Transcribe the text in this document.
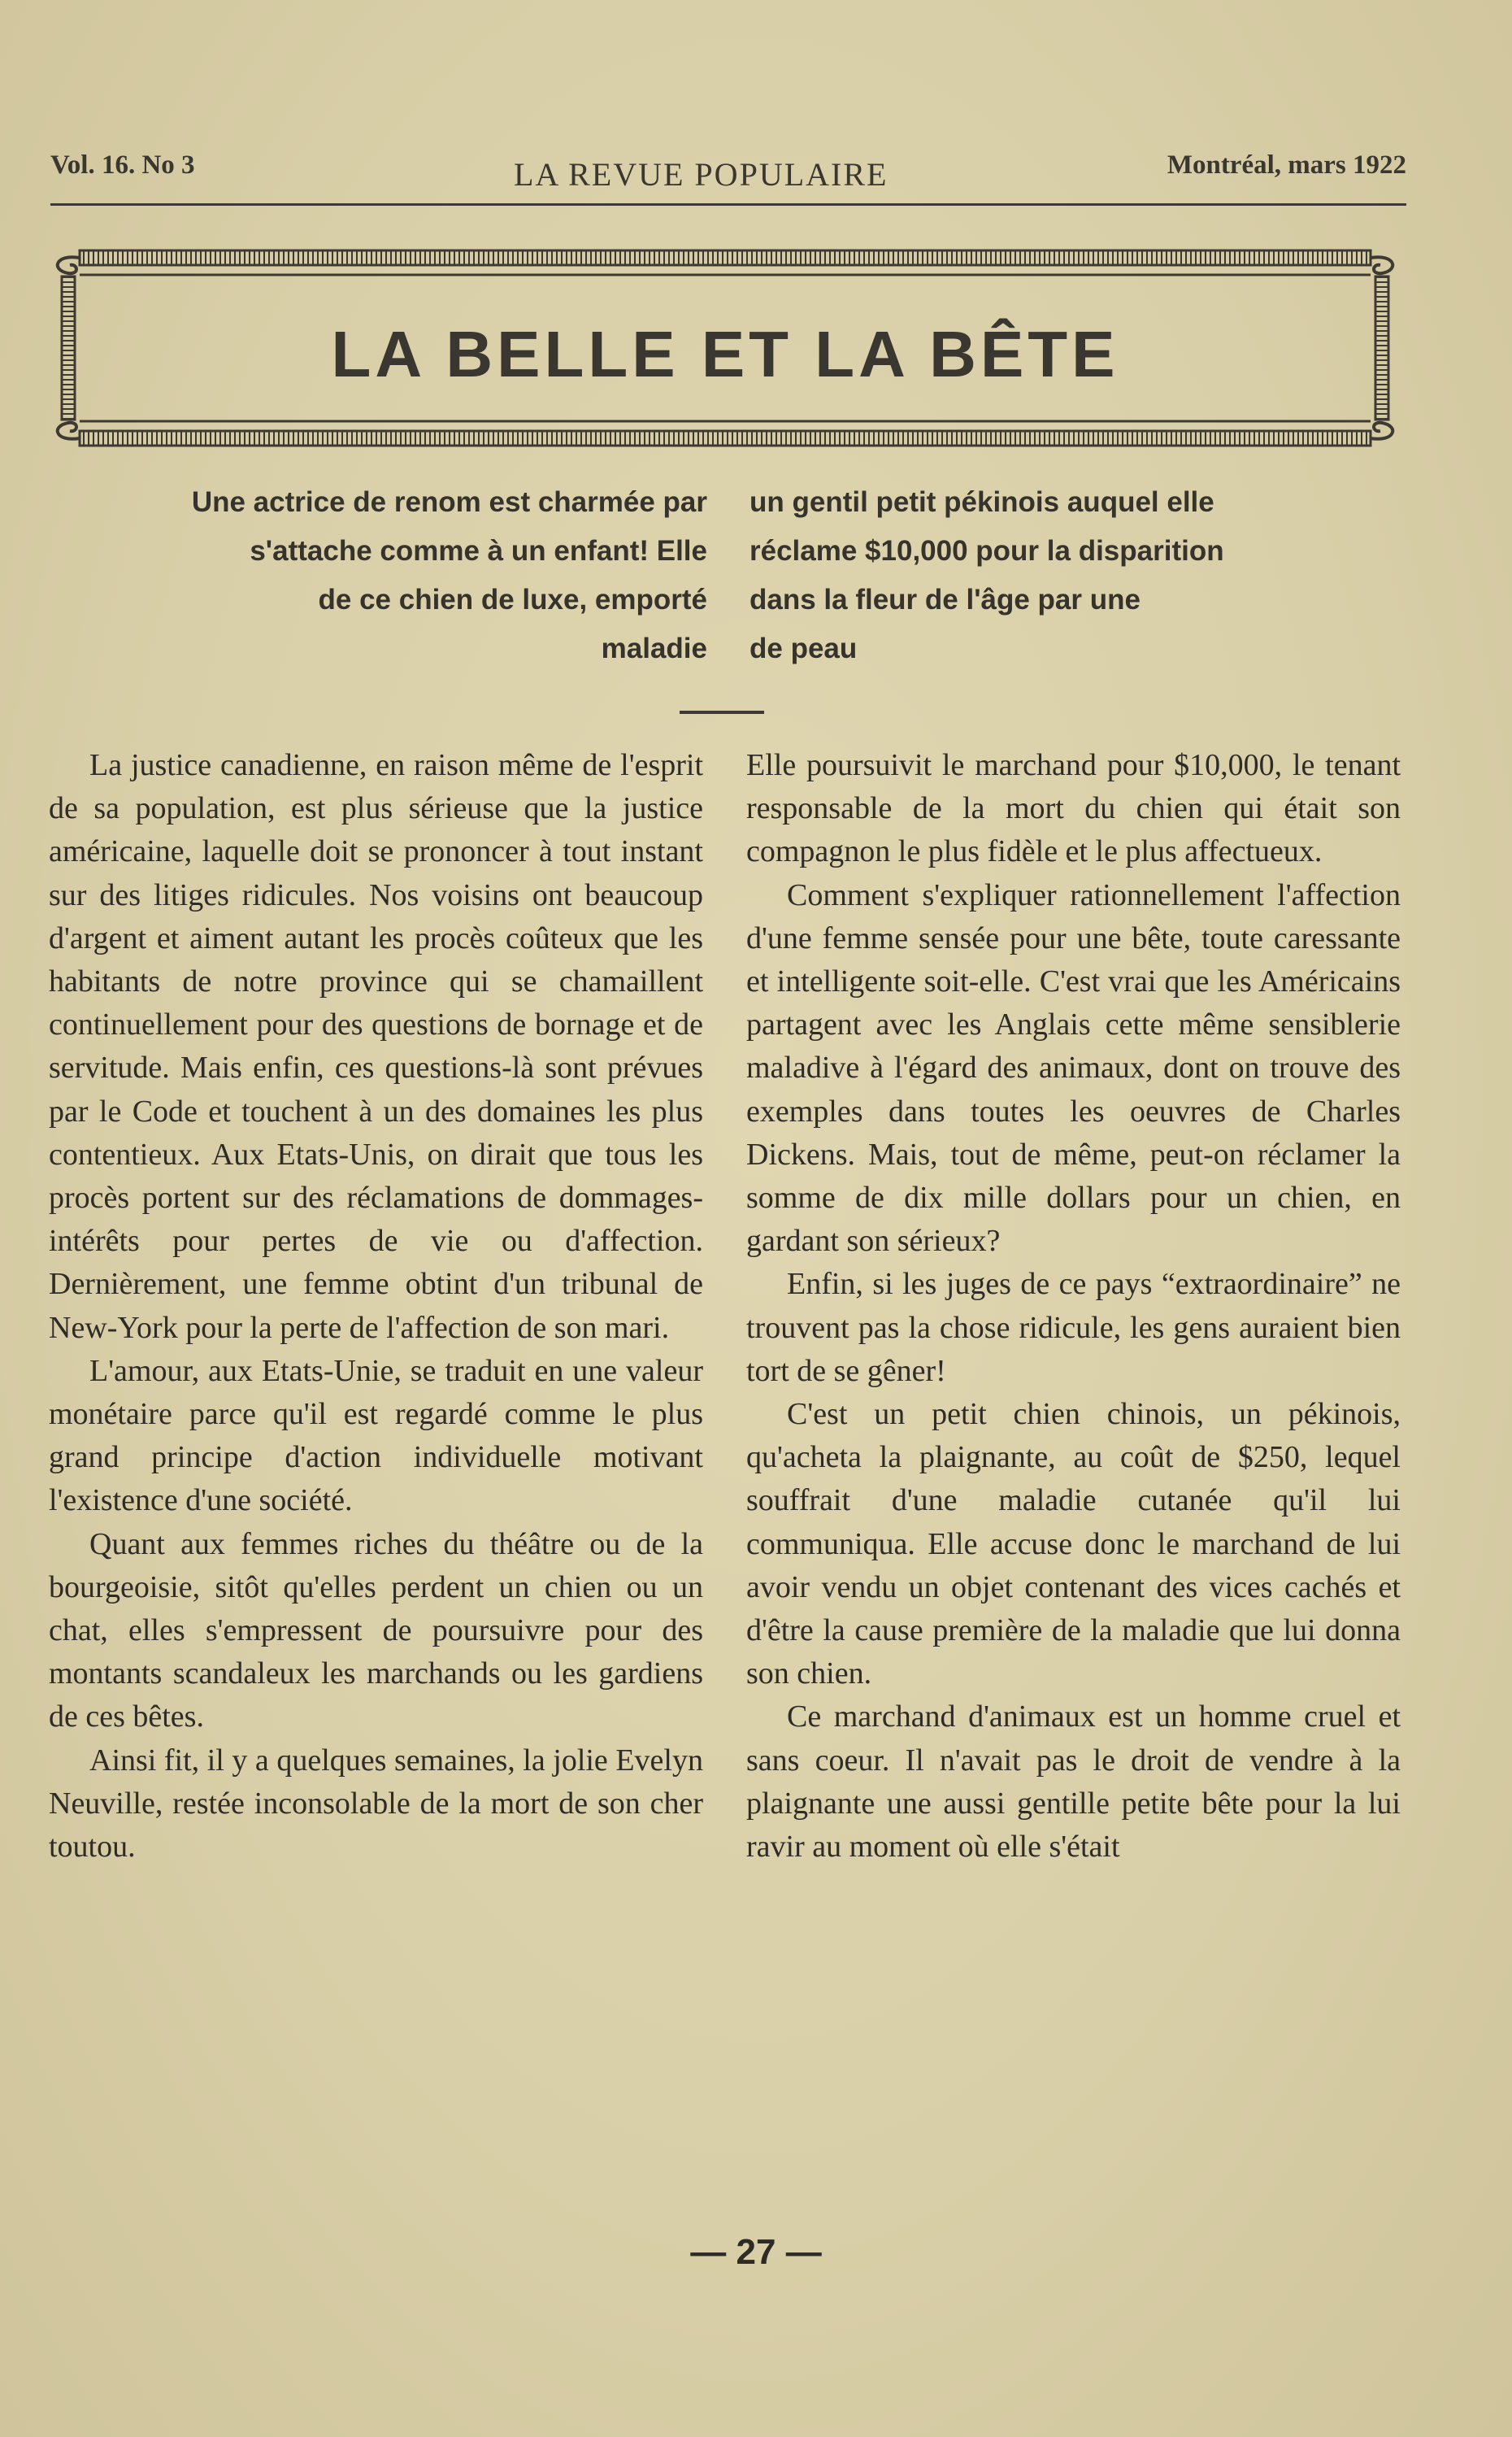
Vol. 16. No 3	LA REVUE POPULAIRE	Montréal, mars 1922
LA BELLE ET LA BÊTE
Une actrice de renom est charmée par
s'attache comme à un enfant! Elle
de ce chien de luxe, emporté
maladie
un gentil petit pékinois auquel elle
réclame $10,000 pour la disparition
dans la fleur de l'âge par une
de peau

La justice canadienne, en raison même de l'esprit de sa population, est plus sérieuse que la justice américaine, laquelle doit se prononcer à tout instant sur des litiges ridicules. Nos voisins ont beaucoup d'argent et aiment autant les procès coûteux que les habitants de notre province qui se chamaillent continuellement pour des questions de bornage et de servitude. Mais enfin, ces questions-là sont prévues par le Code et touchent à un des domaines les plus contentieux. Aux Etats-Unis, on dirait que tous les procès portent sur des réclamations de dommages-intérêts pour pertes de vie ou d'affection. Dernièrement, une femme obtint d'un tribunal de New-York pour la perte de l'affection de son mari.

L'amour, aux Etats-Unie, se traduit en une valeur monétaire parce qu'il est regardé comme le plus grand principe d'action individuelle motivant l'existence d'une société.

Quant aux femmes riches du théâtre ou de la bourgeoisie, sitôt qu'elles perdent un chien ou un chat, elles s'empressent de poursuivre pour des montants scandaleux les marchands ou les gardiens de ces bêtes.

Ainsi fit, il y a quelques semaines, la jolie Evelyn Neuville, restée inconsolable de la mort de son cher toutou.

Elle poursuivit le marchand pour $10,000, le tenant responsable de la mort du chien qui était son compagnon le plus fidèle et le plus affectueux.

Comment s'expliquer rationnellement l'affection d'une femme sensée pour une bête, toute caressante et intelligente soit-elle. C'est vrai que les Américains partagent avec les Anglais cette même sensiblerie maladive à l'égard des animaux, dont on trouve des exemples dans toutes les oeuvres de Charles Dickens. Mais, tout de même, peut-on réclamer la somme de dix mille dollars pour un chien, en gardant son sérieux?

Enfin, si les juges de ce pays “extraordinaire” ne trouvent pas la chose ridicule, les gens auraient bien tort de se gêner!

C'est un petit chien chinois, un pékinois, qu'acheta la plaignante, au coût de $250, lequel souffrait d'une maladie cutanée qu'il lui communiqua. Elle accuse donc le marchand de lui avoir vendu un objet contenant des vices cachés et d'être la cause première de la maladie que lui donna son chien.

Ce marchand d'animaux est un homme cruel et sans coeur. Il n'avait pas le droit de vendre à la plaignante une aussi gentille petite bête pour la lui ravir au moment où elle s'était

— 27 —
